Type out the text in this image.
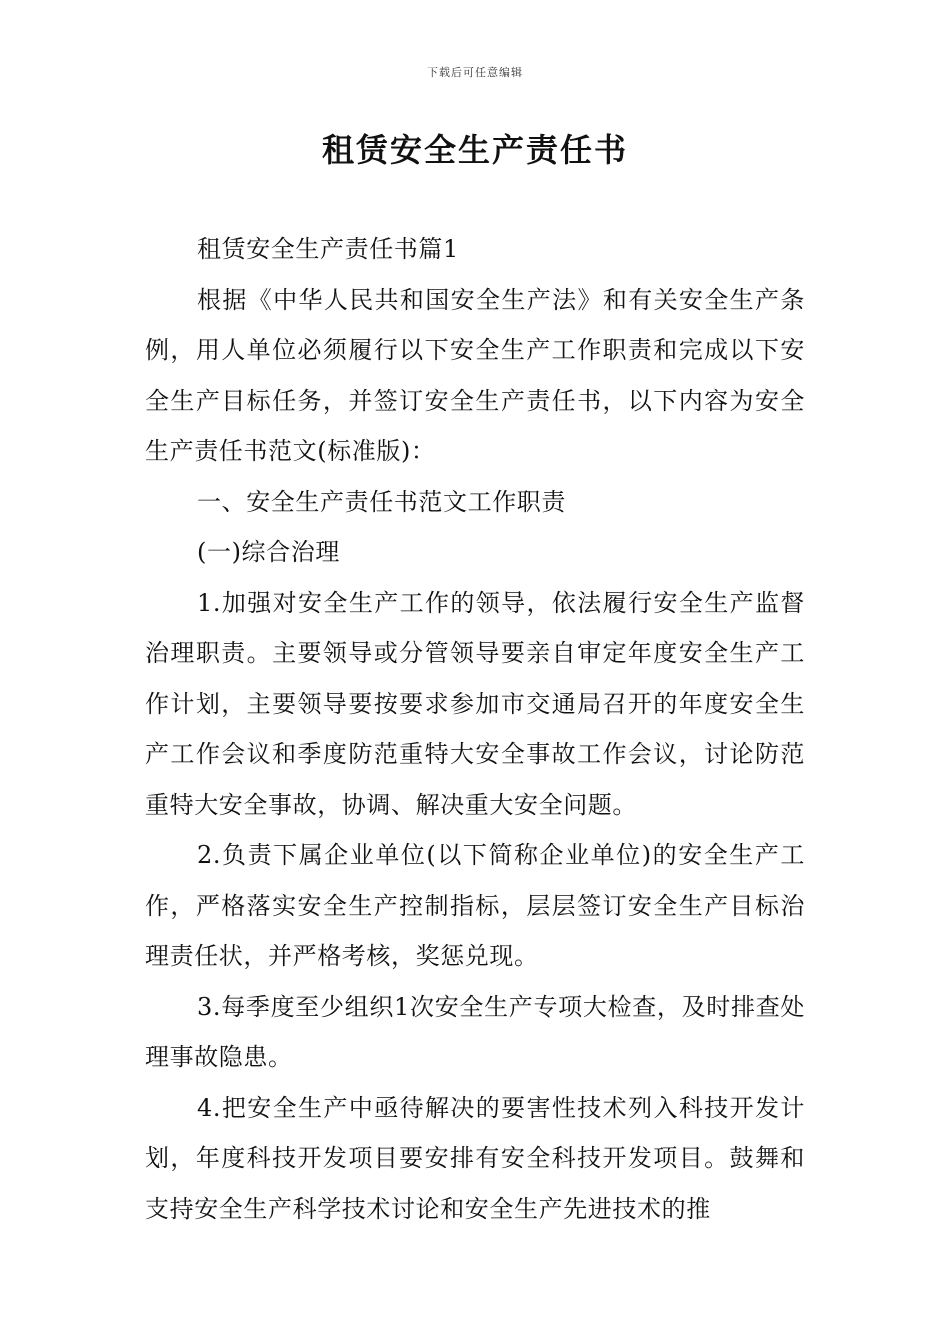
下载后可任意编辑
租赁安全生产责任书

租赁安全生产责任书篇1

根据《中华人民共和国安全生产法》和有关安全生产条例，用人单位必须履行以下安全生产工作职责和完成以下安全生产目标任务，并签订安全生产责任书，以下内容为安全生产责任书范文(标准版)：

一、安全生产责任书范文工作职责

(一)综合治理

1.加强对安全生产工作的领导，依法履行安全生产监督治理职责。主要领导或分管领导要亲自审定年度安全生产工作计划，主要领导要按要求参加市交通局召开的年度安全生产工作会议和季度防范重特大安全事故工作会议，讨论防范重特大安全事故，协调、解决重大安全问题。

2.负责下属企业单位(以下简称企业单位)的安全生产工作，严格落实安全生产控制指标，层层签订安全生产目标治理责任状，并严格考核，奖惩兑现。

3.每季度至少组织1次安全生产专项大检查，及时排查处理事故隐患。

4.把安全生产中亟待解决的要害性技术列入科技开发计划，年度科技开发项目要安排有安全科技开发项目。鼓舞和支持安全生产科学技术讨论和安全生产先进技术的推
